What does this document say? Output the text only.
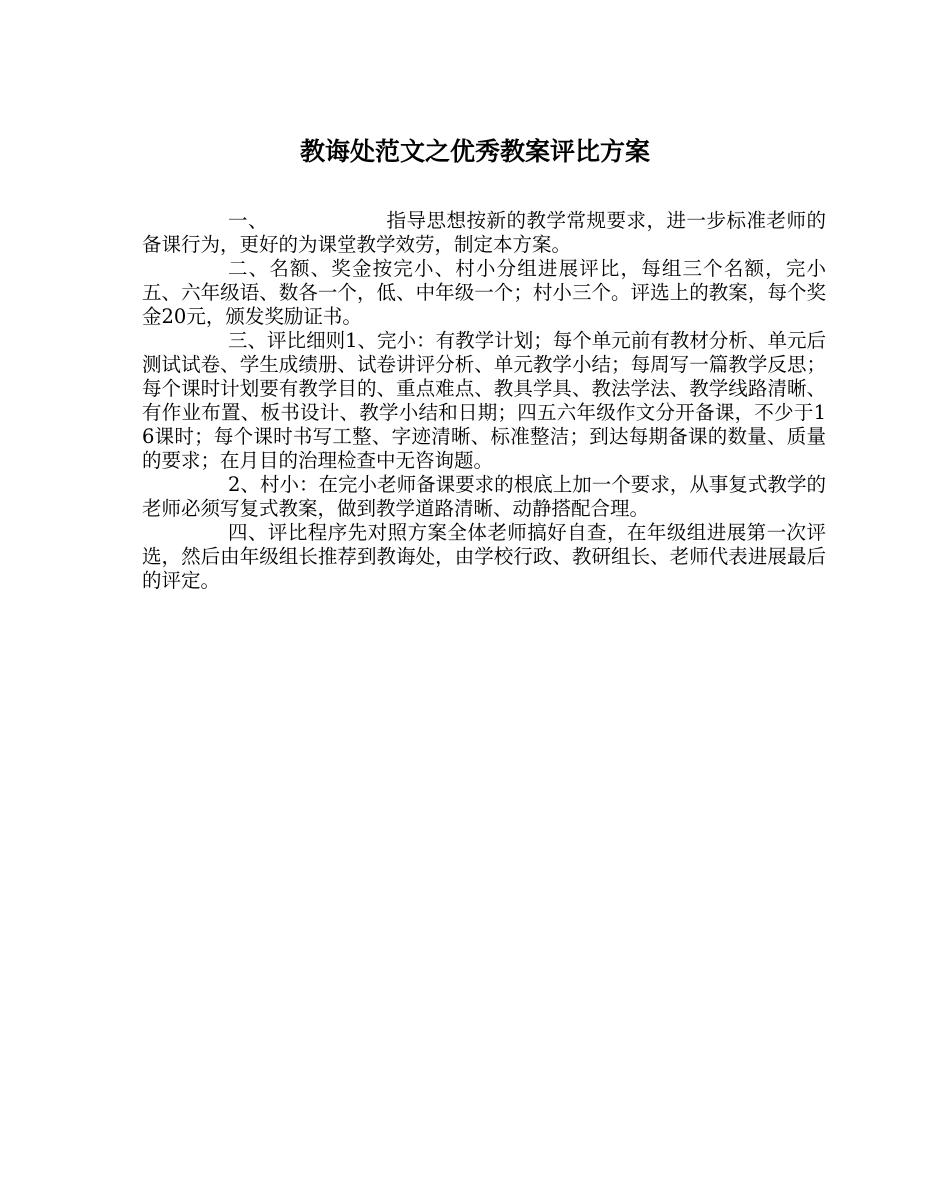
教诲处范文之优秀教案评比方案

一、	指导思想按新的教学常规要求，进一步标准老师的备课行为，更好的为课堂教学效劳，制定本方案。

二、名额、奖金按完小、村小分组进展评比，每组三个名额，完小五、六年级语、数各一个，低、中年级一个；村小三个。评选上的教案，每个奖金20元，颁发奖励证书。

三、评比细则1、完小：有教学计划；每个单元前有教材分析、单元后测试试卷、学生成绩册、试卷讲评分析、单元教学小结；每周写一篇教学反思；每个课时计划要有教学目的、重点难点、教具学具、教法学法、教学线路清晰、有作业布置、板书设计、教学小结和日期；四五六年级作文分开备课，不少于16课时；每个课时书写工整、字迹清晰、标准整洁；到达每期备课的数量、质量的要求；在月目的治理检查中无咨询题。

2、村小：在完小老师备课要求的根底上加一个要求，从事复式教学的老师必须写复式教案，做到教学道路清晰、动静搭配合理。

四、评比程序先对照方案全体老师搞好自查，在年级组进展第一次评选，然后由年级组长推荐到教诲处，由学校行政、教研组长、老师代表进展最后的评定。
